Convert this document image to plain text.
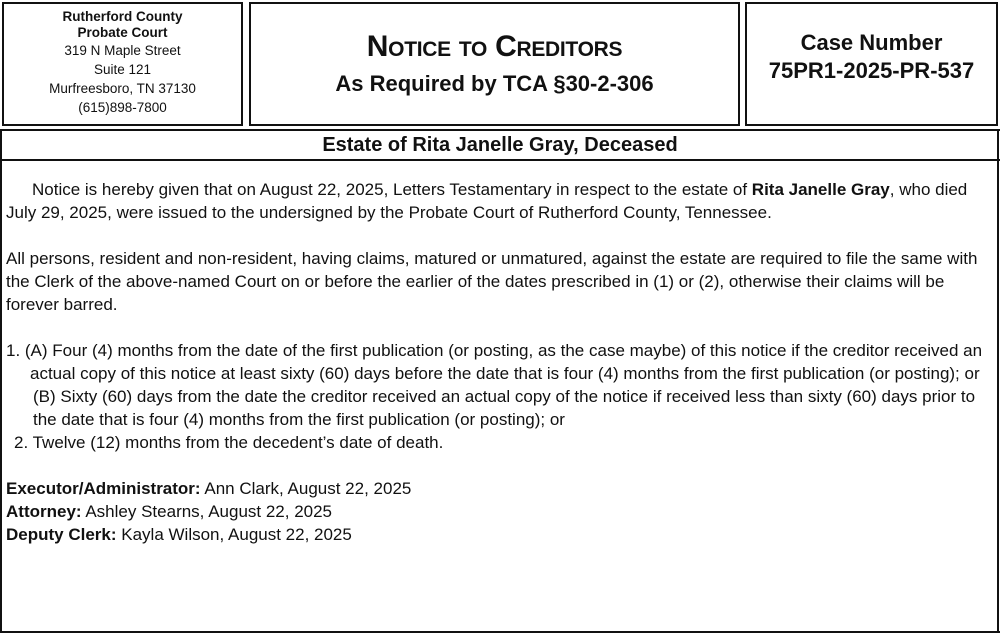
Rutherford County
Probate Court
319 N Maple Street
Suite 121
Murfreesboro, TN 37130
(615)898-7800
Notice to Creditors
As Required by TCA §30-2-306
Case Number
75PR1-2025-PR-537
Estate of Rita Janelle Gray, Deceased

Notice is hereby given that on August 22, 2025, Letters Testamentary in respect to the estate of Rita Janelle Gray, who died July 29, 2025, were issued to the undersigned by the Probate Court of Rutherford County, Tennessee.

All persons, resident and non-resident, having claims, matured or unmatured, against the estate are required to file the same with the Clerk of the above-named Court on or before the earlier of the dates prescribed in (1) or (2), otherwise their claims will be forever barred.

1. (A) Four (4) months from the date of the first publication (or posting, as the case maybe) of this notice if the creditor received an actual copy of this notice at least sixty (60) days before the date that is four (4) months from the first publication (or posting); or

(B) Sixty (60) days from the date the creditor received an actual copy of the notice if received less than sixty (60) days prior to the date that is four (4) months from the first publication (or posting); or

2. Twelve (12) months from the decedent’s date of death.

Executor/Administrator: Ann Clark, August 22, 2025

Attorney: Ashley Stearns, August 22, 2025

Deputy Clerk: Kayla Wilson, August 22, 2025
